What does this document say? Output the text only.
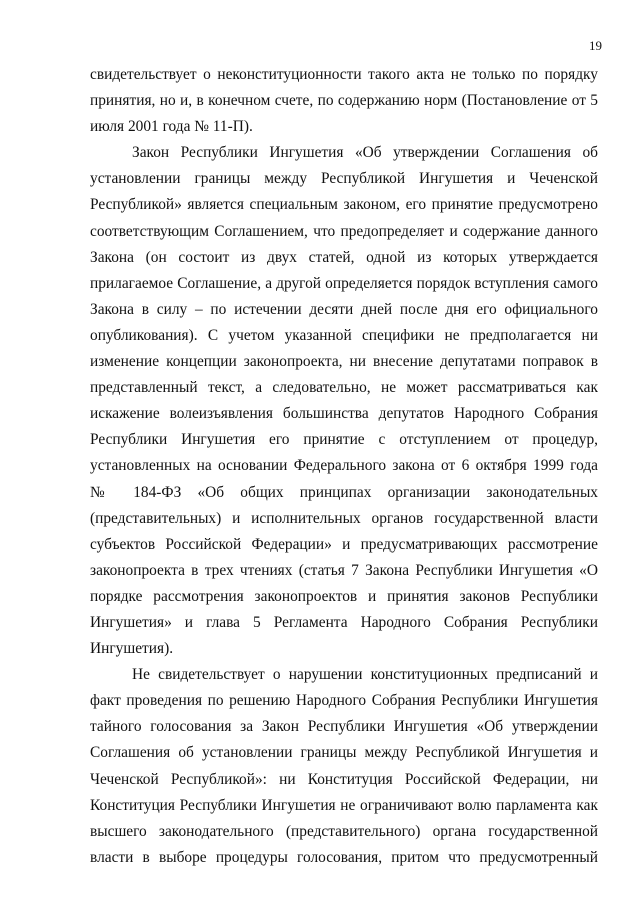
19
свидетельствует о неконституционности такого акта не только по порядку
принятия, но и, в конечном счете, по содержанию норм (Постановление от 5
июля 2001 года № 11-П).
Закон Республики Ингушетия «Об утверждении Соглашения об
установлении границы между Республикой Ингушетия и Чеченской
Республикой» является специальным законом, его принятие предусмотрено
соответствующим Соглашением, что предопределяет и содержание данного
Закона (он состоит из двух статей, одной из которых утверждается
прилагаемое Соглашение, а другой определяется порядок вступления самого
Закона в силу – по истечении десяти дней после дня его официального
опубликования). С учетом указанной специфики не предполагается ни
изменение концепции законопроекта, ни внесение депутатами поправок в
представленный текст, а следовательно, не может рассматриваться как
искажение волеизъявления большинства депутатов Народного Собрания
Республики Ингушетия его принятие с отступлением от процедур,
установленных на основании Федерального закона от 6 октября 1999 года
№ 184-ФЗ «Об общих принципах организации законодательных
(представительных) и исполнительных органов государственной власти
субъектов Российской Федерации» и предусматривающих рассмотрение
законопроекта в трех чтениях (статья 7 Закона Республики Ингушетия «О
порядке рассмотрения законопроектов и принятия законов Республики
Ингушетия» и глава 5 Регламента Народного Собрания Республики
Ингушетия).
Не свидетельствует о нарушении конституционных предписаний и
факт проведения по решению Народного Собрания Республики Ингушетия
тайного голосования за Закон Республики Ингушетия «Об утверждении
Соглашения об установлении границы между Республикой Ингушетия и
Чеченской Республикой»: ни Конституция Российской Федерации, ни
Конституция Республики Ингушетия не ограничивают волю парламента как
высшего законодательного (представительного) органа государственной
власти в выборе процедуры голосования, притом что предусмотренный
